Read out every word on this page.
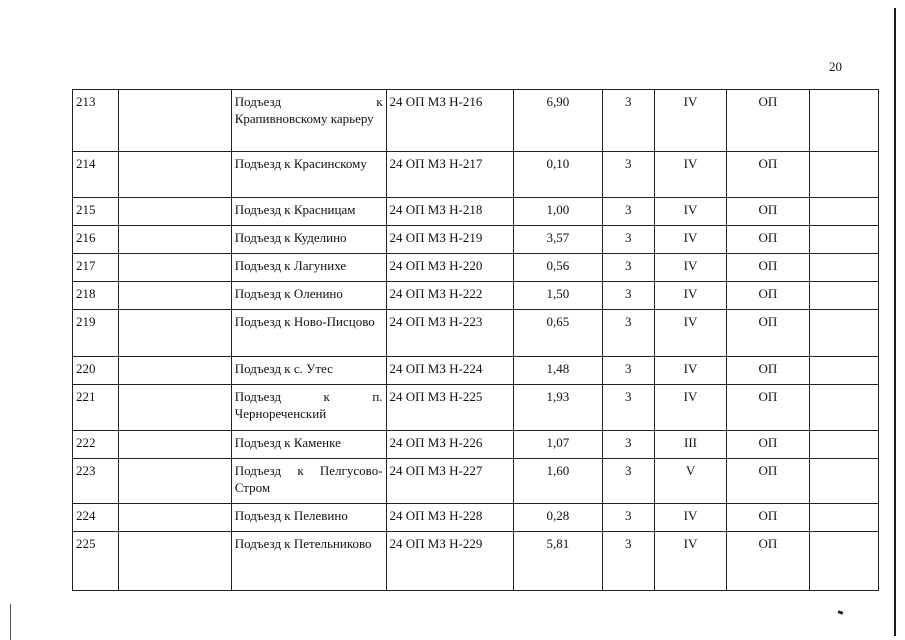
20
213		Подъезд к Крапивновскому карьеру	24 ОП МЗ Н-216	6,90	3	IV	ОП	
214		Подъезд к Красинскому	24 ОП МЗ Н-217	0,10	3	IV	ОП	
215		Подъезд к Красницам	24 ОП МЗ Н-218	1,00	3	IV	ОП	
216		Подъезд к Куделино	24 ОП МЗ Н-219	3,57	3	IV	ОП	
217		Подъезд к Лагунихе	24 ОП МЗ Н-220	0,56	3	IV	ОП	
218		Подъезд к Оленино	24 ОП МЗ Н-222	1,50	3	IV	ОП	
219		Подъезд к Ново-Писцово	24 ОП МЗ Н-223	0,65	3	IV	ОП	
220		Подъезд к с. Утес	24 ОП МЗ Н-224	1,48	3	IV	ОП	
221		Подъезд к п. Чернореченский	24 ОП МЗ Н-225	1,93	3	IV	ОП	
222		Подъезд к Каменке	24 ОП МЗ Н-226	1,07	3	III	ОП	
223		Подъезд к Пелгусово-Стром	24 ОП МЗ Н-227	1,60	3	V	ОП	
224		Подъезд к Пелевино	24 ОП МЗ Н-228	0,28	3	IV	ОП	
225		Подъезд к Петельниково	24 ОП МЗ Н-229	5,81	3	IV	ОП	
